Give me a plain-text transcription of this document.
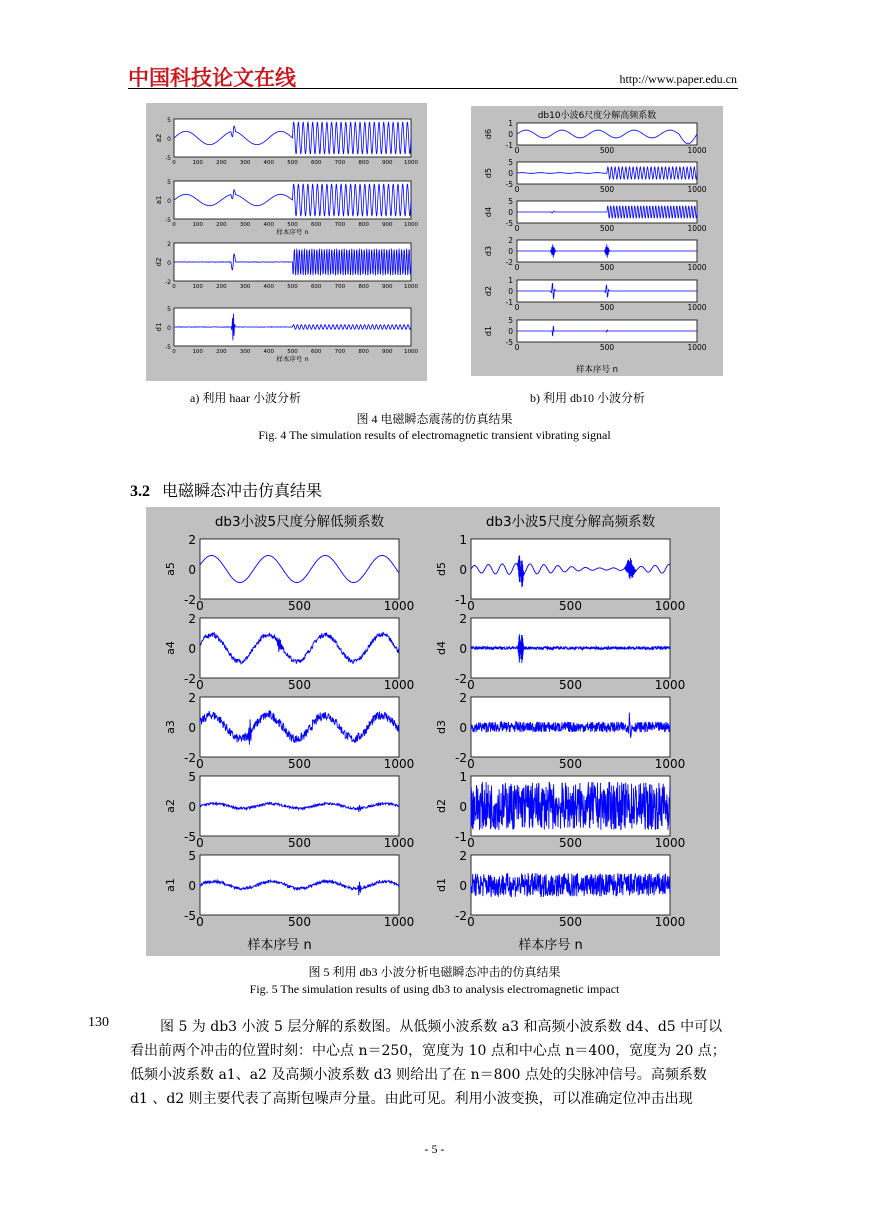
中国科技论文在线	http://www.paper.edu.cn
a2
5
0
-5
0	100 200 300 400 500 600 700 800 900 1000
a1
5
0
-5
0	100 200 300 400 500 600 700 800 900 1000
样本序号 n
d2
2
0
-2
0	100 200 300 400 500 600 700 800 900 1000
d1
5
0
-5
0	100 200 300 400 500 600 700 800 900 1000
样本序号 n
db10小波6尺度分解高频系数
d6
1
0
-1
0	500	1000
d5
5
0
-5
0	500	1000
d4
5
0
-5
0	500	1000
d3
2
0
-2
0	500	1000
d2
1
0
-1
0	500	1000
d1
5
0
-5
0	500	1000
样本序号 n
a) 利用 haar 小波分析	b) 利用 db10 小波分析
图 4 电磁瞬态震荡的仿真结果
Fig. 4 The simulation results of electromagnetic transient vibrating signal
3.2 电磁瞬态冲击仿真结果
db3小波5尺度分解低频系数
a5
2
0
-2 0	500	1000
a4
2
0
-2 0	500	1000
a3
2
0
-2 0	500	1000
a2
5
0
-5 0	500	1000
a1
5
0
-5 0	500	1000
样本序号 n
db3小波5尺度分解高频系数
d5
1
0
-1 0	500	1000
d4
2
0
-2 0	500	1000
d3
2
0
-2 0	500	1000
d2
1
0
-1 0	500	1000
d1
2
0
-2 0	500	1000
样本序号 n
图 5 利用 db3 小波分析电磁瞬态冲击的仿真结果
Fig. 5 The simulation results of using db3 to analysis electromagnetic impact
130	图 5 为 db3 小波 5 层分解的系数图。从低频小波系数 a3 和高频小波系数 d4、d5 中可以
看出前两个冲击的位置时刻：中心点 n＝250，宽度为 10 点和中心点 n＝400，宽度为 20 点；
低频小波系数 a1、a2 及高频小波系数 d3 则给出了在 n＝800 点处的尖脉冲信号。高频系数
d1 、d2 则主要代表了高斯包噪声分量。由此可见。利用小波变换，可以准确定位冲击出现
- 5 -
